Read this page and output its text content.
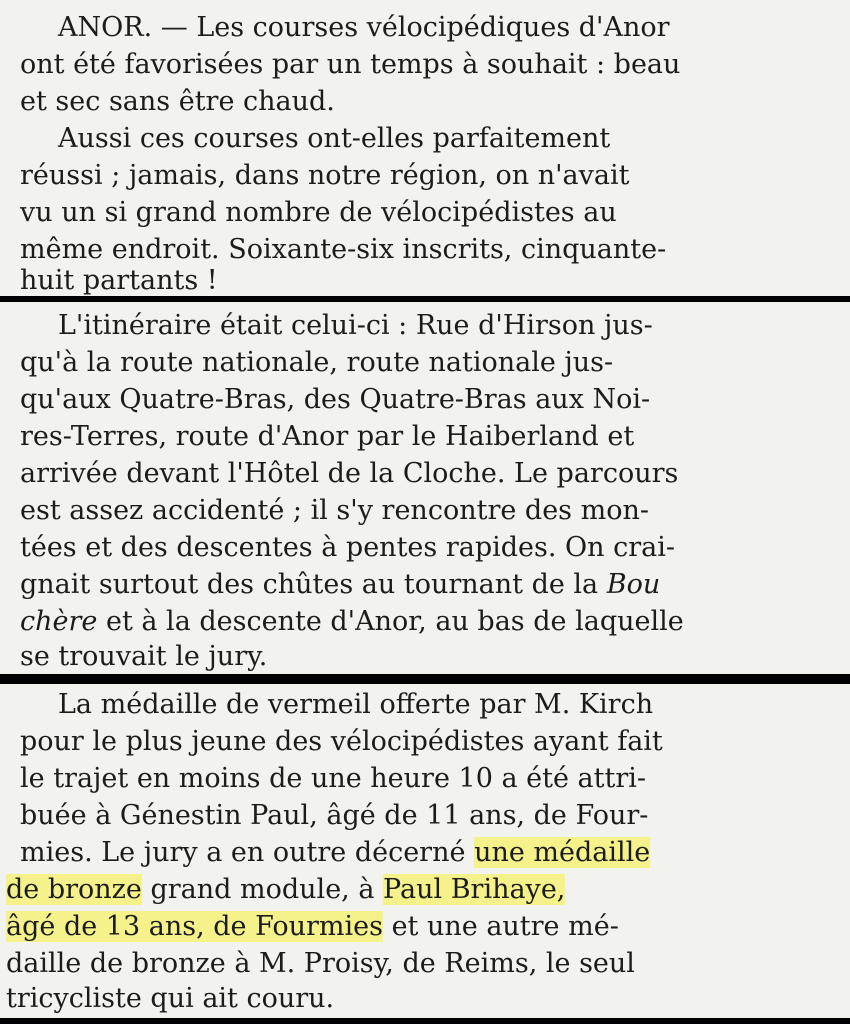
ANOR. — Les courses vélocipédiques d'Anor
ont été favorisées par un temps à souhait : beau
et sec sans être chaud.
Aussi ces courses ont-elles parfaitement
réussi ; jamais, dans notre région, on n'avait
vu un si grand nombre de vélocipédistes au
même endroit. Soixante-six inscrits, cinquante-
huit partants !
L'itinéraire était celui-ci : Rue d'Hirson jus-
qu'à la route nationale, route nationale jus-
qu'aux Quatre-Bras, des Quatre-Bras aux Noi-
res-Terres, route d'Anor par le Haiberland et
arrivée devant l'Hôtel de la Cloche. Le parcours
est assez accidenté ; il s'y rencontre des mon-
tées et des descentes à pentes rapides. On crai-
gnait surtout des chûtes au tournant de la Bou
chère et à la descente d'Anor, au bas de laquelle
se trouvait le jury.
La médaille de vermeil offerte par M. Kirch
pour le plus jeune des vélocipédistes ayant fait
le trajet en moins de une heure 10 a été attri-
buée à Génestin Paul, âgé de 11 ans, de Four-
mies. Le jury a en outre décerné une médaille
de bronze grand module, à Paul Brihaye,
âgé de 13 ans, de Fourmies et une autre mé-
daille de bronze à M. Proisy, de Reims, le seul
tricycliste qui ait couru.
